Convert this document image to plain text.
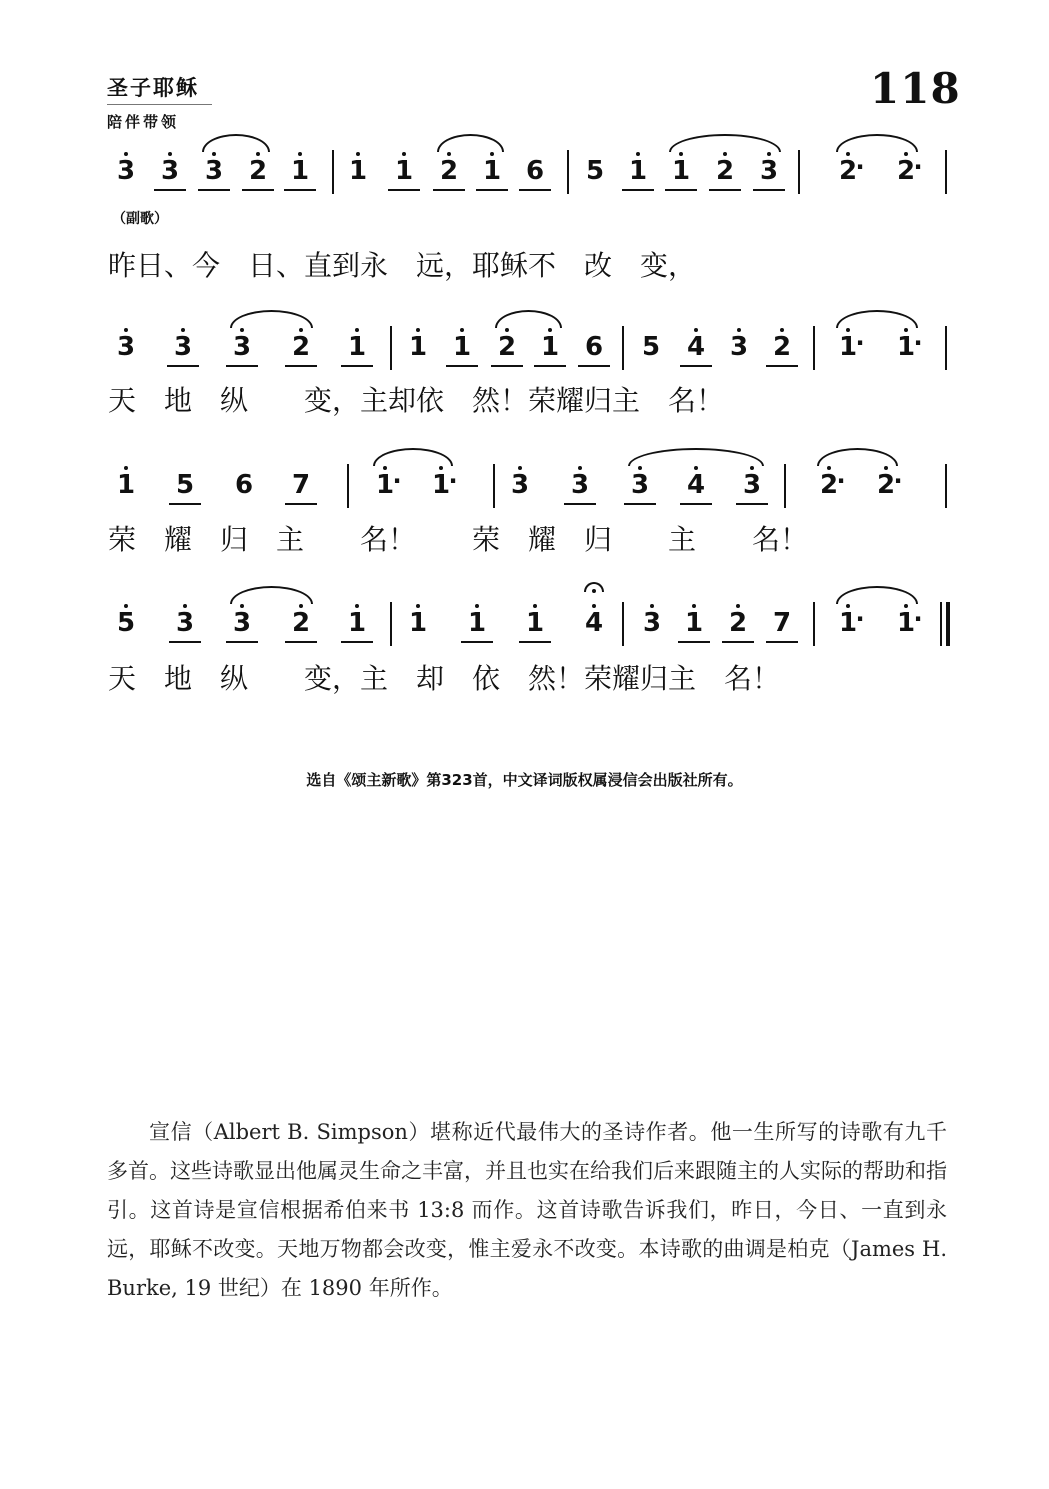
圣子耶稣
陪伴带领
118
3 3 3 2 1	1	1	2 1 6	5 1 1 2 3	2
·	2
·
3	3	3	2	1	1 1	2 1 6	5	4 3 2	1
·	1
·
1	5	6	7	1
·	1
·	3	3	3	4	3	2
·	2
·
5	3	3	2	1	1	1	1	4	3 1 2 7	1
·	1
·
（副歌）
昨日、今　日、直到永　远，耶稣不　改　变，
天　地　纵　　变，主却依　然！荣耀归主　名！
荣　耀　归　主　　名！　　荣　耀　归　　主　　名！
天　地　纵　　变，主　却　依　然！荣耀归主　名！
选自《颂主新歌》第323首，中文译词版权属浸信会出版社所有。

宣信（Albert B. Simpson）堪称近代最伟大的圣诗作者。他一生所写的诗歌有九千多首。这些诗歌显出他属灵生命之丰富，并且也实在给我们后来跟随主的人实际的帮助和指引。这首诗是宣信根据希伯来书 13:8 而作。这首诗歌告诉我们，昨日，今日、一直到永远，耶稣不改变。天地万物都会改变，惟主爱永不改变。本诗歌的曲调是柏克（James H. Burke, 19 世纪）在 1890 年所作。
